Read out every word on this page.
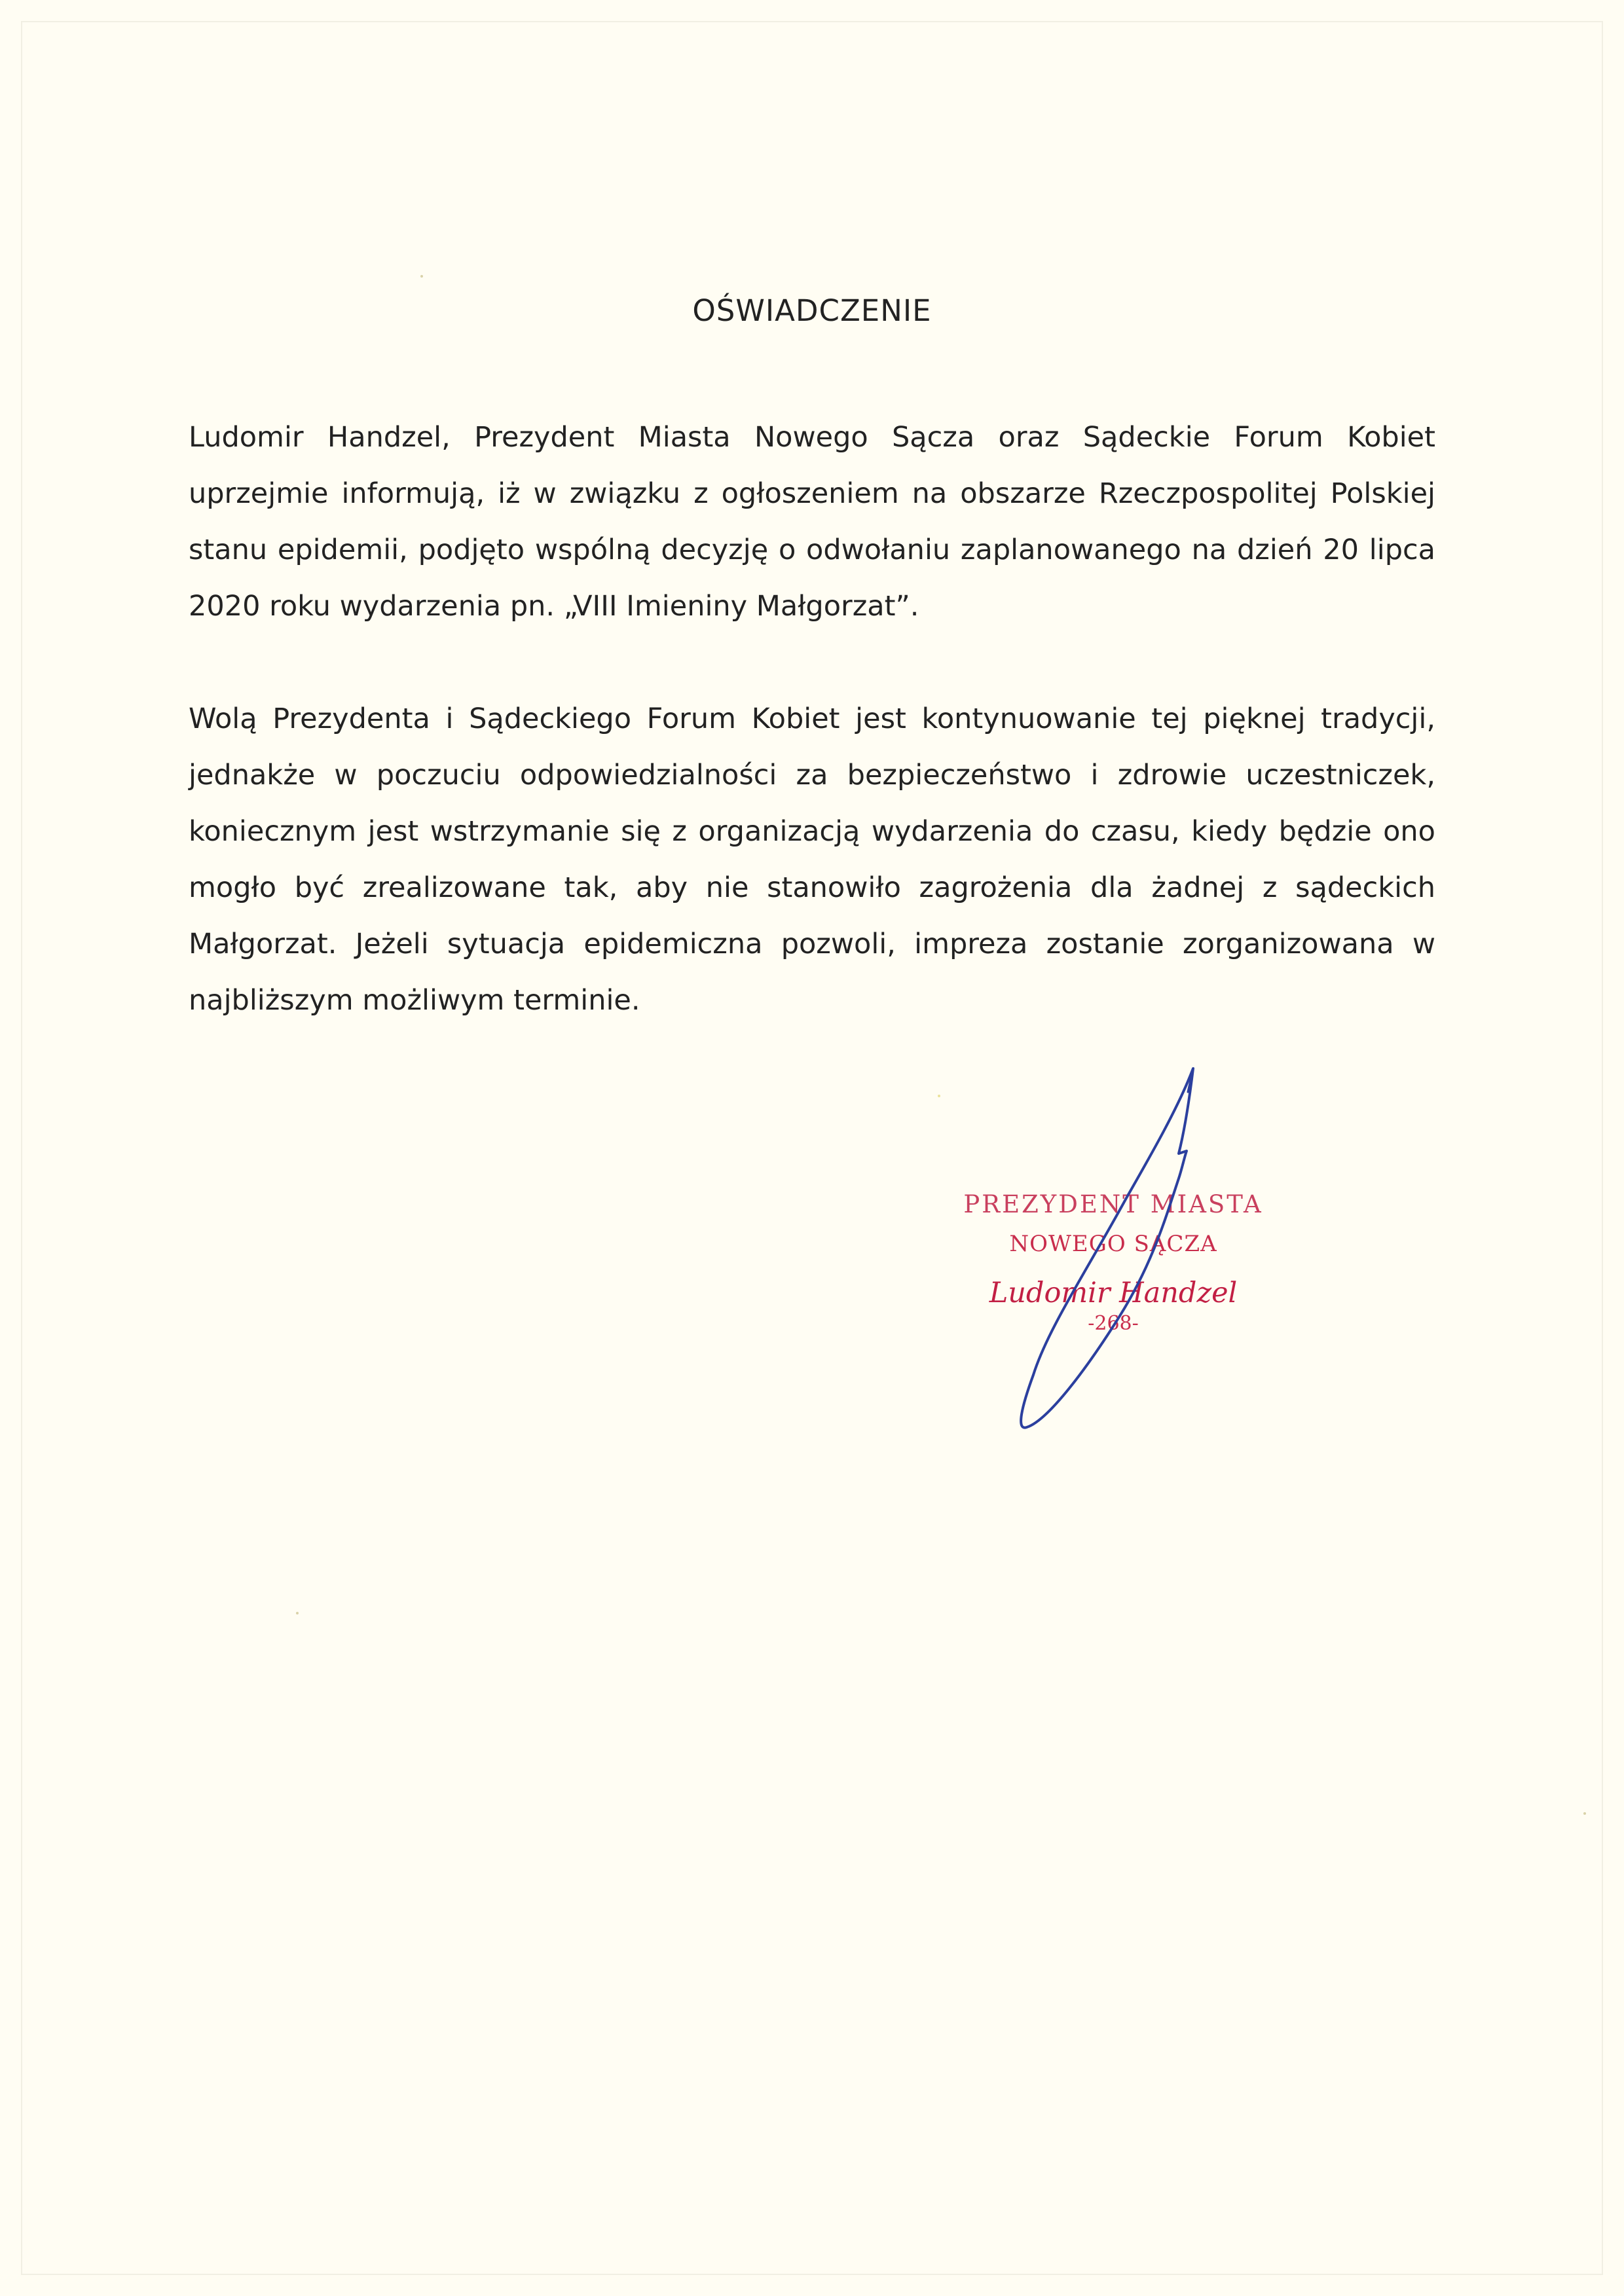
OŚWIADCZENIE

Ludomir Handzel, Prezydent Miasta Nowego Sącza oraz Sądeckie Forum Kobiet uprzejmie informują, iż w związku z ogłoszeniem na obszarze Rzeczpospolitej Polskiej stanu epidemii, podjęto wspólną decyzję o odwołaniu zaplanowanego na dzień 20 lipca 2020 roku wydarzenia pn. „VIII Imieniny Małgorzat”.

Wolą Prezydenta i Sądeckiego Forum Kobiet jest kontynuowanie tej pięknej tradycji, jednakże w poczuciu odpowiedzialności za bezpieczeństwo i zdrowie uczestniczek, koniecznym jest wstrzymanie się z organizacją wydarzenia do czasu, kiedy będzie ono mogło być zrealizowane tak, aby nie stanowiło zagrożenia dla żadnej z sądeckich Małgorzat. Jeżeli sytuacja epidemiczna pozwoli, impreza zostanie zorganizowana w najbliższym możliwym terminie.

PREZYDENT MIASTA
NOWEGO SĄCZA
Ludomir Handzel
-268-
